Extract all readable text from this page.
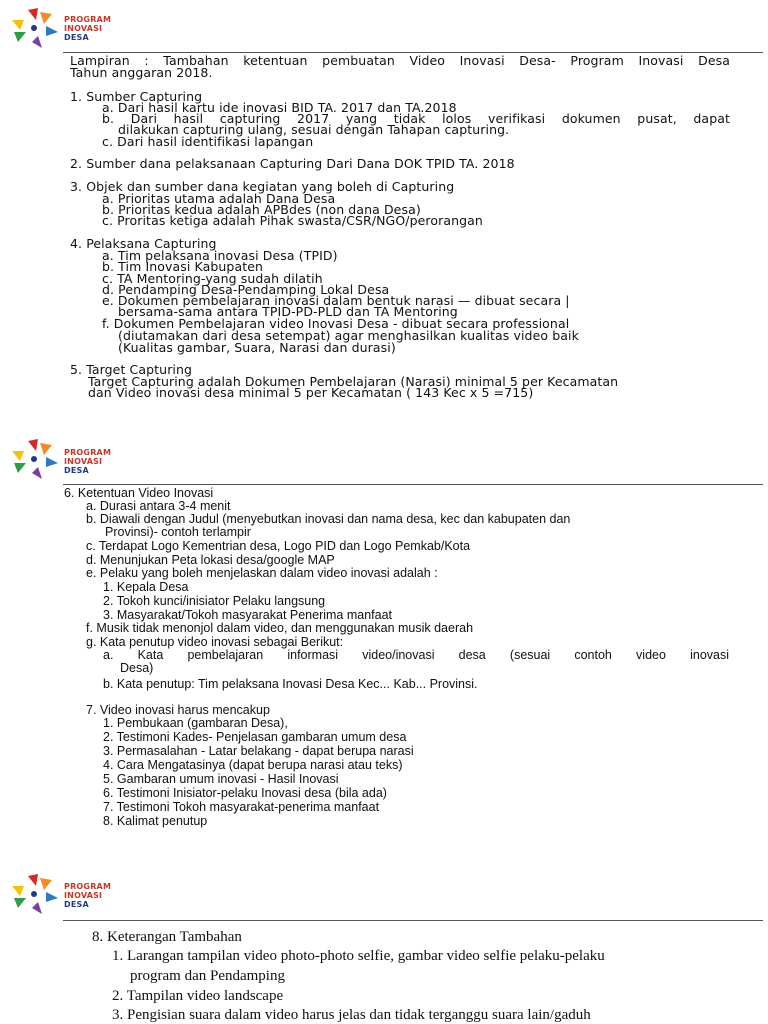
PROGRAM
INOVASI
DESA
Lampiran : Tambahan ketentuan pembuatan Video Inovasi Desa- Program Inovasi Desa
Tahun anggaran 2018.
1. Sumber Capturing
a. Dari hasil kartu ide inovasi BID TA. 2017 dan TA.2018
b. Dari hasil capturing 2017 yang tidak lolos verifikasi dokumen pusat, dapat
dilakukan capturing ulang, sesuai dengan Tahapan capturing.
c. Dari hasil identifikasi lapangan
2. Sumber dana pelaksanaan Capturing Dari Dana DOK TPID TA. 2018
3. Objek dan sumber dana kegiatan yang boleh di Capturing
a. Prioritas utama adalah Dana Desa
b. Prioritas kedua adalah APBdes (non dana Desa)
c. Proritas ketiga adalah Pihak swasta/CSR/NGO/perorangan
4. Pelaksana Capturing
a. Tim pelaksana inovasi Desa (TPID)
b. Tim Inovasi Kabupaten
c. TA Mentoring-yang sudah dilatih
d. Pendamping Desa-Pendamping Lokal Desa
e. Dokumen pembelajaran inovasi dalam bentuk narasi — dibuat secara |
bersama-sama antara TPID-PD-PLD dan TA Mentoring
f. Dokumen Pembelajaran video Inovasi Desa - dibuat secara professional
(diutamakan dari desa setempat) agar menghasilkan kualitas video baik
(Kualitas gambar, Suara, Narasi dan durasi)
5. Target Capturing
Target Capturing adalah Dokumen Pembelajaran (Narasi) minimal 5 per Kecamatan
dan Video inovasi desa minimal 5 per Kecamatan ( 143 Kec x 5 =715)
PROGRAM
INOVASI
DESA
6. Ketentuan Video Inovasi
a. Durasi antara 3-4 menit
b. Diawali dengan Judul (menyebutkan inovasi dan nama desa, kec dan kabupaten dan
Provinsi)- contoh terlampir
c. Terdapat Logo Kementrian desa, Logo PID dan Logo Pemkab/Kota
d. Menunjukan Peta lokasi desa/google MAP
e. Pelaku yang boleh menjelaskan dalam video inovasi adalah :
1. Kepala Desa
2. Tokoh kunci/inisiator Pelaku langsung
3. Masyarakat/Tokoh masyarakat Penerima manfaat
f. Musik tidak menonjol dalam video, dan menggunakan musik daerah
g. Kata penutup video inovasi sebagai Berikut:
a. Kata pembelajaran informasi video/inovasi desa (sesuai contoh video inovasi
Desa)
b. Kata penutup: Tim pelaksana Inovasi Desa Kec... Kab... Provinsi.
7. Video inovasi harus mencakup
1. Pembukaan (gambaran Desa),
2. Testimoni Kades- Penjelasan gambaran umum desa
3. Permasalahan - Latar belakang - dapat berupa narasi
4. Cara Mengatasinya (dapat berupa narasi atau teks)
5. Gambaran umum inovasi - Hasil Inovasi
6. Testimoni Inisiator-pelaku Inovasi desa (bila ada)
7. Testimoni Tokoh masyarakat-penerima manfaat
8. Kalimat penutup
PROGRAM
INOVASI
DESA
8. Keterangan Tambahan
1. Larangan tampilan video photo-photo selfie, gambar video selfie pelaku-pelaku
program dan Pendamping
2. Tampilan video landscape
3. Pengisian suara dalam video harus jelas dan tidak terganggu suara lain/gaduh
